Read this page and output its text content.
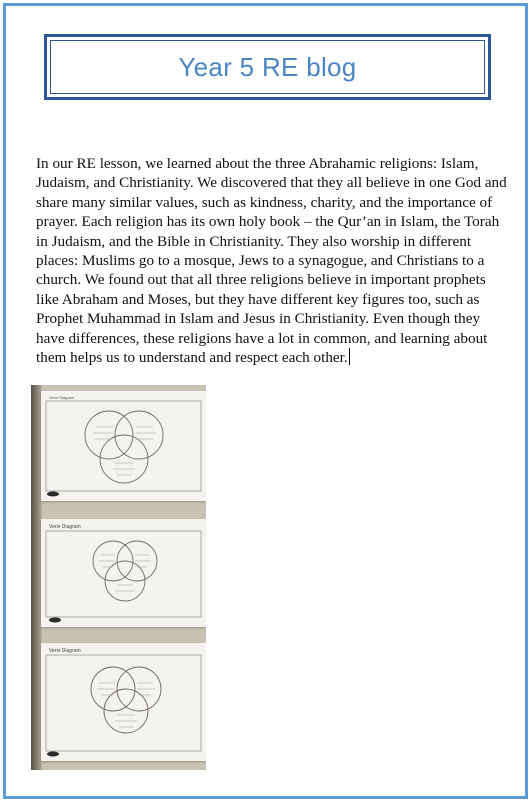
Year 5 RE blog

In our RE lesson, we learned about the three Abrahamic religions: Islam, Judaism, and Christianity. We discovered that they all believe in one God and share many similar values, such as kindness, charity, and the importance of prayer. Each religion has its own holy book – the Qur’an in Islam, the Torah in Judaism, and the Bible in Christianity. They also worship in different places: Muslims go to a mosque, Jews to a synagogue, and Christians to a church. We found out that all three religions believe in important prophets like Abraham and Moses, but they have different key figures too, such as Prophet Muhammad in Islam and Jesus in Christianity. Even though they have differences, these religions have a lot in common, and learning about them helps us to understand and respect each other.

Venn Diagram
Venn Diagram
Venn Diagram
